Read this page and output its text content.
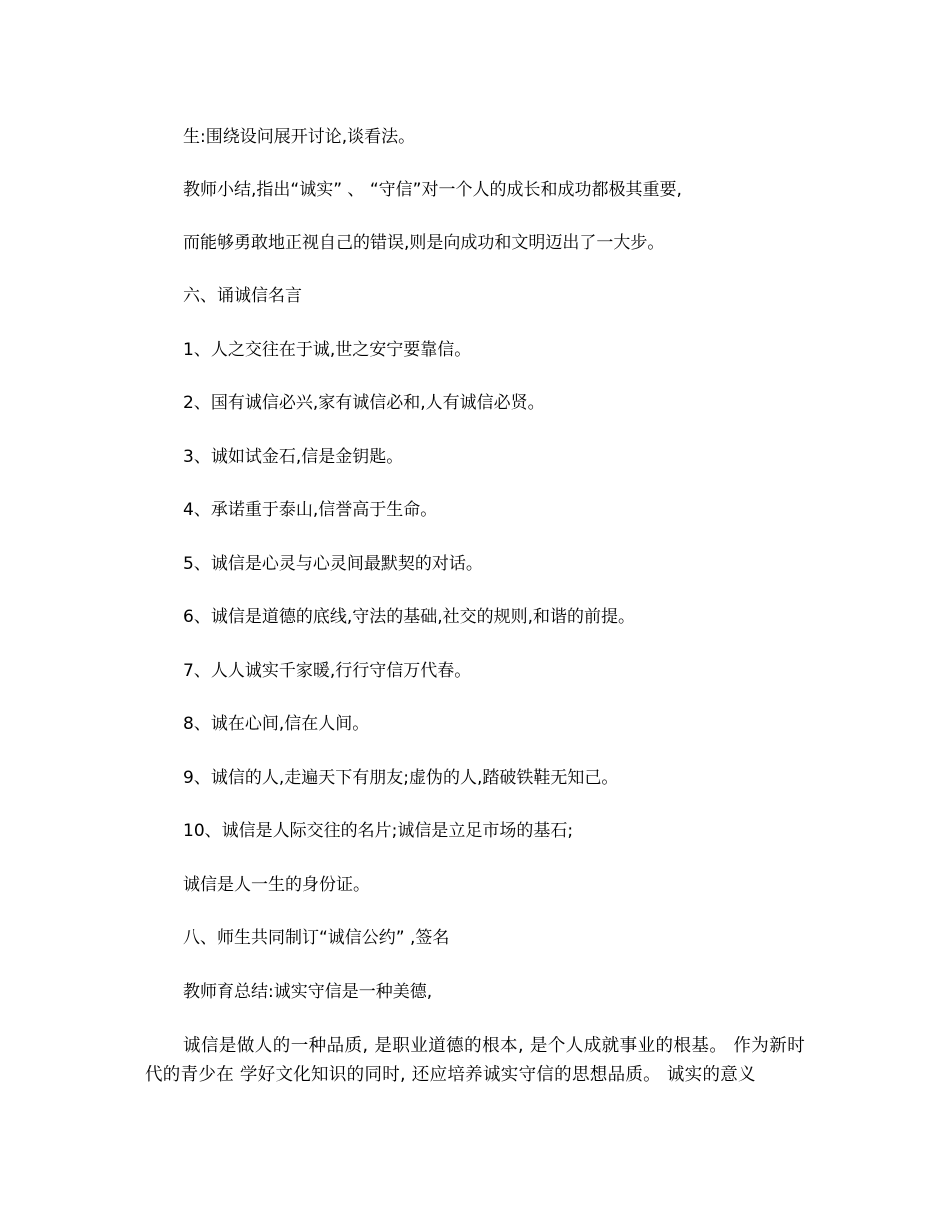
生:围绕设问展开讨论,谈看法。
教师小结,指出“诚实” 、 “守信”对一个人的成长和成功都极其重要,
而能够勇敢地正视自己的错误,则是向成功和文明迈出了一大步。
六、诵诚信名言
1、人之交往在于诚,世之安宁要靠信。
2、国有诚信必兴,家有诚信必和,人有诚信必贤。
3、诚如试金石,信是金钥匙。
4、承诺重于泰山,信誉高于生命。
5、诚信是心灵与心灵间最默契的对话。
6、诚信是道德的底线,守法的基础,社交的规则,和谐的前提。
7、人人诚实千家暖,行行守信万代春。
8、诚在心间,信在人间。
9、诚信的人,走遍天下有朋友;虚伪的人,踏破铁鞋无知己。
10、诚信是人际交往的名片;诚信是立足市场的基石;
诚信是人一生的身份证。
八、师生共同制订“诚信公约” ,签名
教师育总结:诚实守信是一种美德,
诚信是做人的一种品质, 是职业道德的根本, 是个人成就事业的根基。 作为新时代的青少在 学好文化知识的同时, 还应培养诚实守信的思想品质。 诚实的意义
